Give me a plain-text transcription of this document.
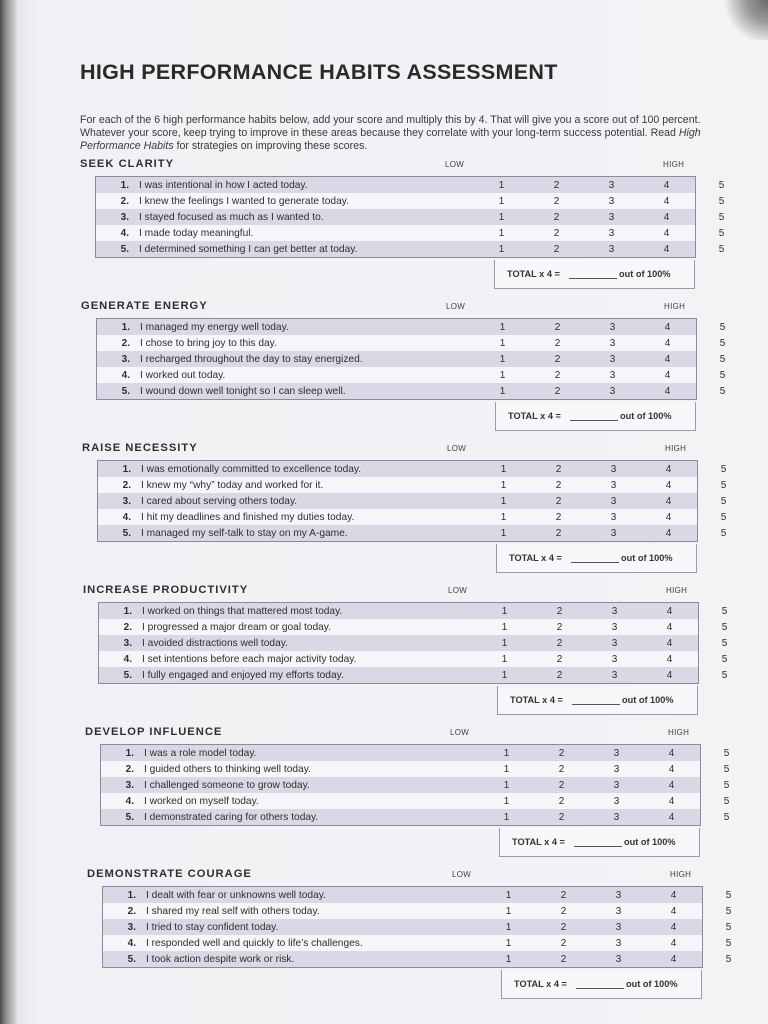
HIGH PERFORMANCE HABITS ASSESSMENT

For each of the 6 high performance habits below, add your score and multiply this by 4. That will give you a score out of 100 percent. Whatever your score, keep trying to improve in these areas because they correlate with your long-term success potential. Read High Performance Habits for strategies on improving these scores.

SEEK CLARITY	LOW	HIGH
1. I was intentional in how I acted today.	1	2	3	4	5
2. I knew the feelings I wanted to generate today.	1	2	3	4	5
3. I stayed focused as much as I wanted to.	1	2	3	4	5
4. I made today meaningful.	1	2	3	4	5
5. I determined something I can get better at today.	1	2	3	4	5
TOTAL x 4 =	out of 100%
GENERATE ENERGY	LOW	HIGH
1. I managed my energy well today.	1	2	3	4	5
2. I chose to bring joy to this day.	1	2	3	4	5
3. I recharged throughout the day to stay energized.	1	2	3	4	5
4. I worked out today.	1	2	3	4	5
5. I wound down well tonight so I can sleep well.	1	2	3	4	5
TOTAL x 4 =	out of 100%
RAISE NECESSITY	LOW	HIGH
1. I was emotionally committed to excellence today.	1	2	3	4	5
2. I knew my “why” today and worked for it.	1	2	3	4	5
3. I cared about serving others today.	1	2	3	4	5
4. I hit my deadlines and finished my duties today.	1	2	3	4	5
5. I managed my self-talk to stay on my A-game.	1	2	3	4	5
TOTAL x 4 =	out of 100%
INCREASE PRODUCTIVITY	LOW	HIGH
1. I worked on things that mattered most today.	1	2	3	4	5
2. I progressed a major dream or goal today.	1	2	3	4	5
3. I avoided distractions well today.	1	2	3	4	5
4. I set intentions before each major activity today.	1	2	3	4	5
5. I fully engaged and enjoyed my efforts today.	1	2	3	4	5
TOTAL x 4 =	out of 100%
DEVELOP INFLUENCE	LOW	HIGH
1. I was a role model today.	1	2	3	4	5
2. I guided others to thinking well today.	1	2	3	4	5
3. I challenged someone to grow today.	1	2	3	4	5
4. I worked on myself today.	1	2	3	4	5
5. I demonstrated caring for others today.	1	2	3	4	5
TOTAL x 4 =	out of 100%
DEMONSTRATE COURAGE	LOW	HIGH
1. I dealt with fear or unknowns well today.	1	2	3	4	5
2. I shared my real self with others today.	1	2	3	4	5
3. I tried to stay confident today.	1	2	3	4	5
4. I responded well and quickly to life’s challenges.	1	2	3	4	5
5. I took action despite work or risk.	1	2	3	4	5
TOTAL x 4 =	out of 100%
